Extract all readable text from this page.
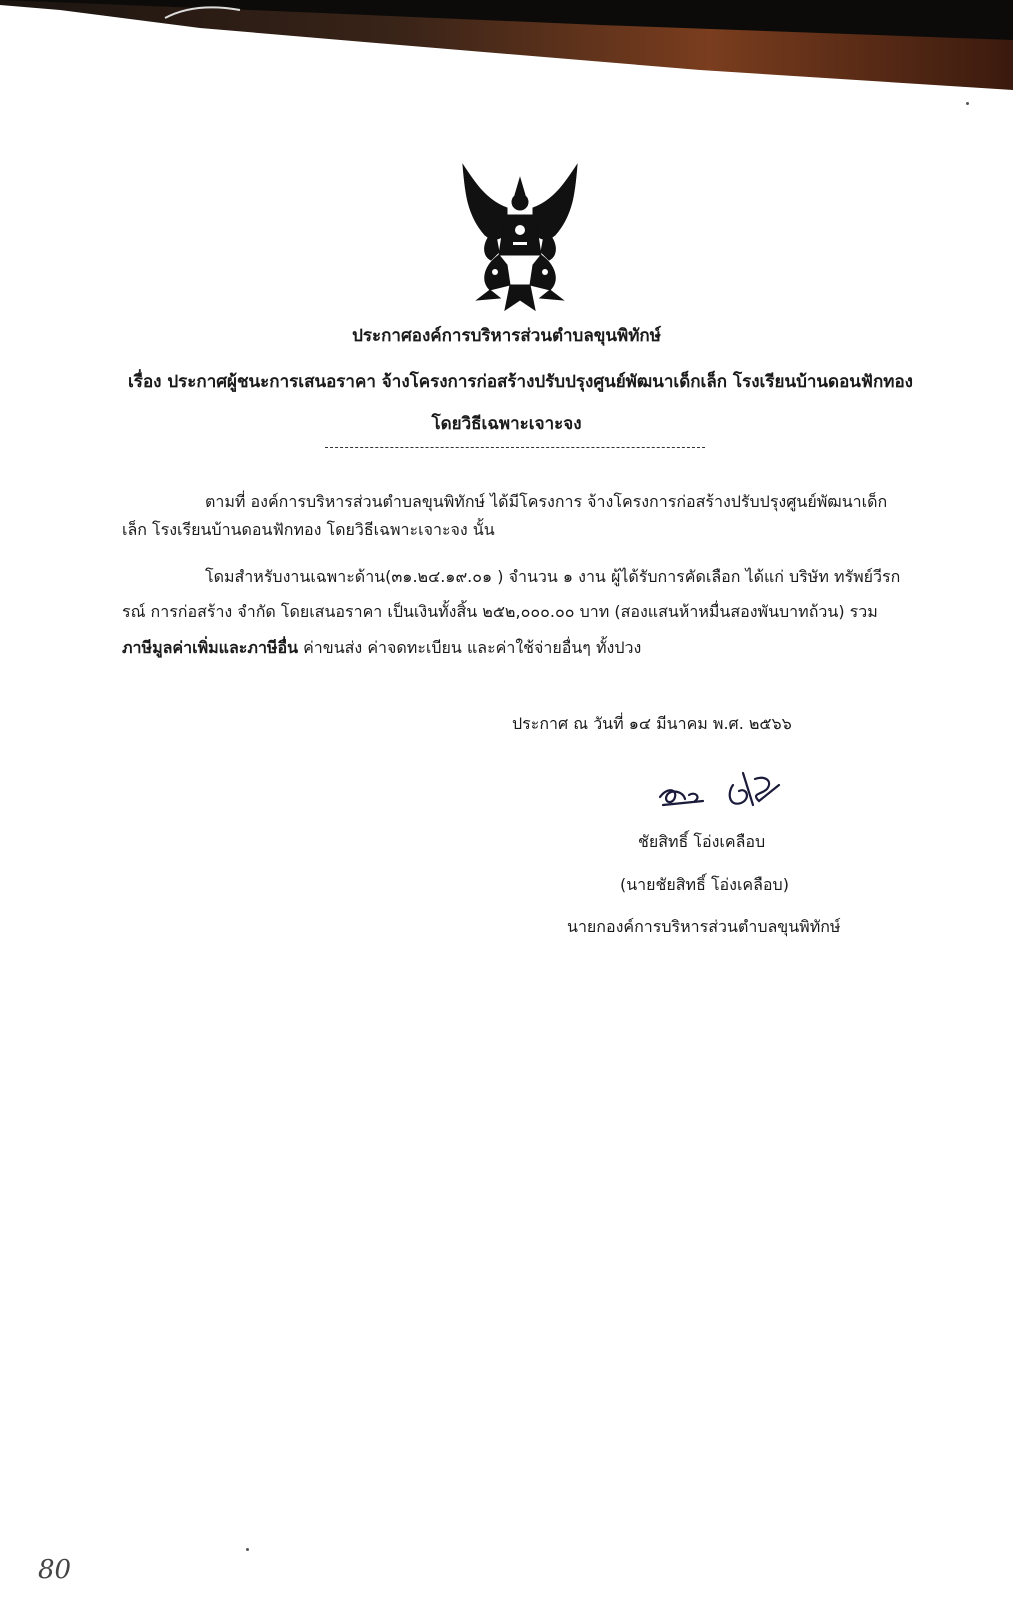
ประกาศองค์การบริหารส่วนตำบลขุนพิทักษ์
เรื่อง ประกาศผู้ชนะการเสนอราคา จ้างโครงการก่อสร้างปรับปรุงศูนย์พัฒนาเด็กเล็ก โรงเรียนบ้านดอนฟักทอง
โดยวิธีเฉพาะเจาะจง
ตามที่ องค์การบริหารส่วนตำบลขุนพิทักษ์ ได้มีโครงการ จ้างโครงการก่อสร้างปรับปรุงศูนย์พัฒนาเด็ก
เล็ก โรงเรียนบ้านดอนฟักทอง โดยวิธีเฉพาะเจาะจง นั้น
โดมสำหรับงานเฉพาะด้าน(๓๑.๒๔.๑๙.๐๑ ) จำนวน ๑ งาน ผู้ได้รับการคัดเลือก ได้แก่ บริษัท ทรัพย์วีรก
รณ์ การก่อสร้าง จำกัด โดยเสนอราคา เป็นเงินทั้งสิ้น ๒๕๒,๐๐๐.๐๐ บาท (สองแสนห้าหมื่นสองพันบาทถ้วน) รวม
ภาษีมูลค่าเพิ่มและภาษีอื่น ค่าขนส่ง ค่าจดทะเบียน และค่าใช้จ่ายอื่นๆ ทั้งปวง
ประกาศ ณ วันที่ ๑๔ มีนาคม พ.ศ. ๒๕๖๖
ชัยสิทธิ์ โอ่งเคลือบ
(นายชัยสิทธิ์ โอ่งเคลือบ)
นายกองค์การบริหารส่วนตำบลขุนพิทักษ์
80
